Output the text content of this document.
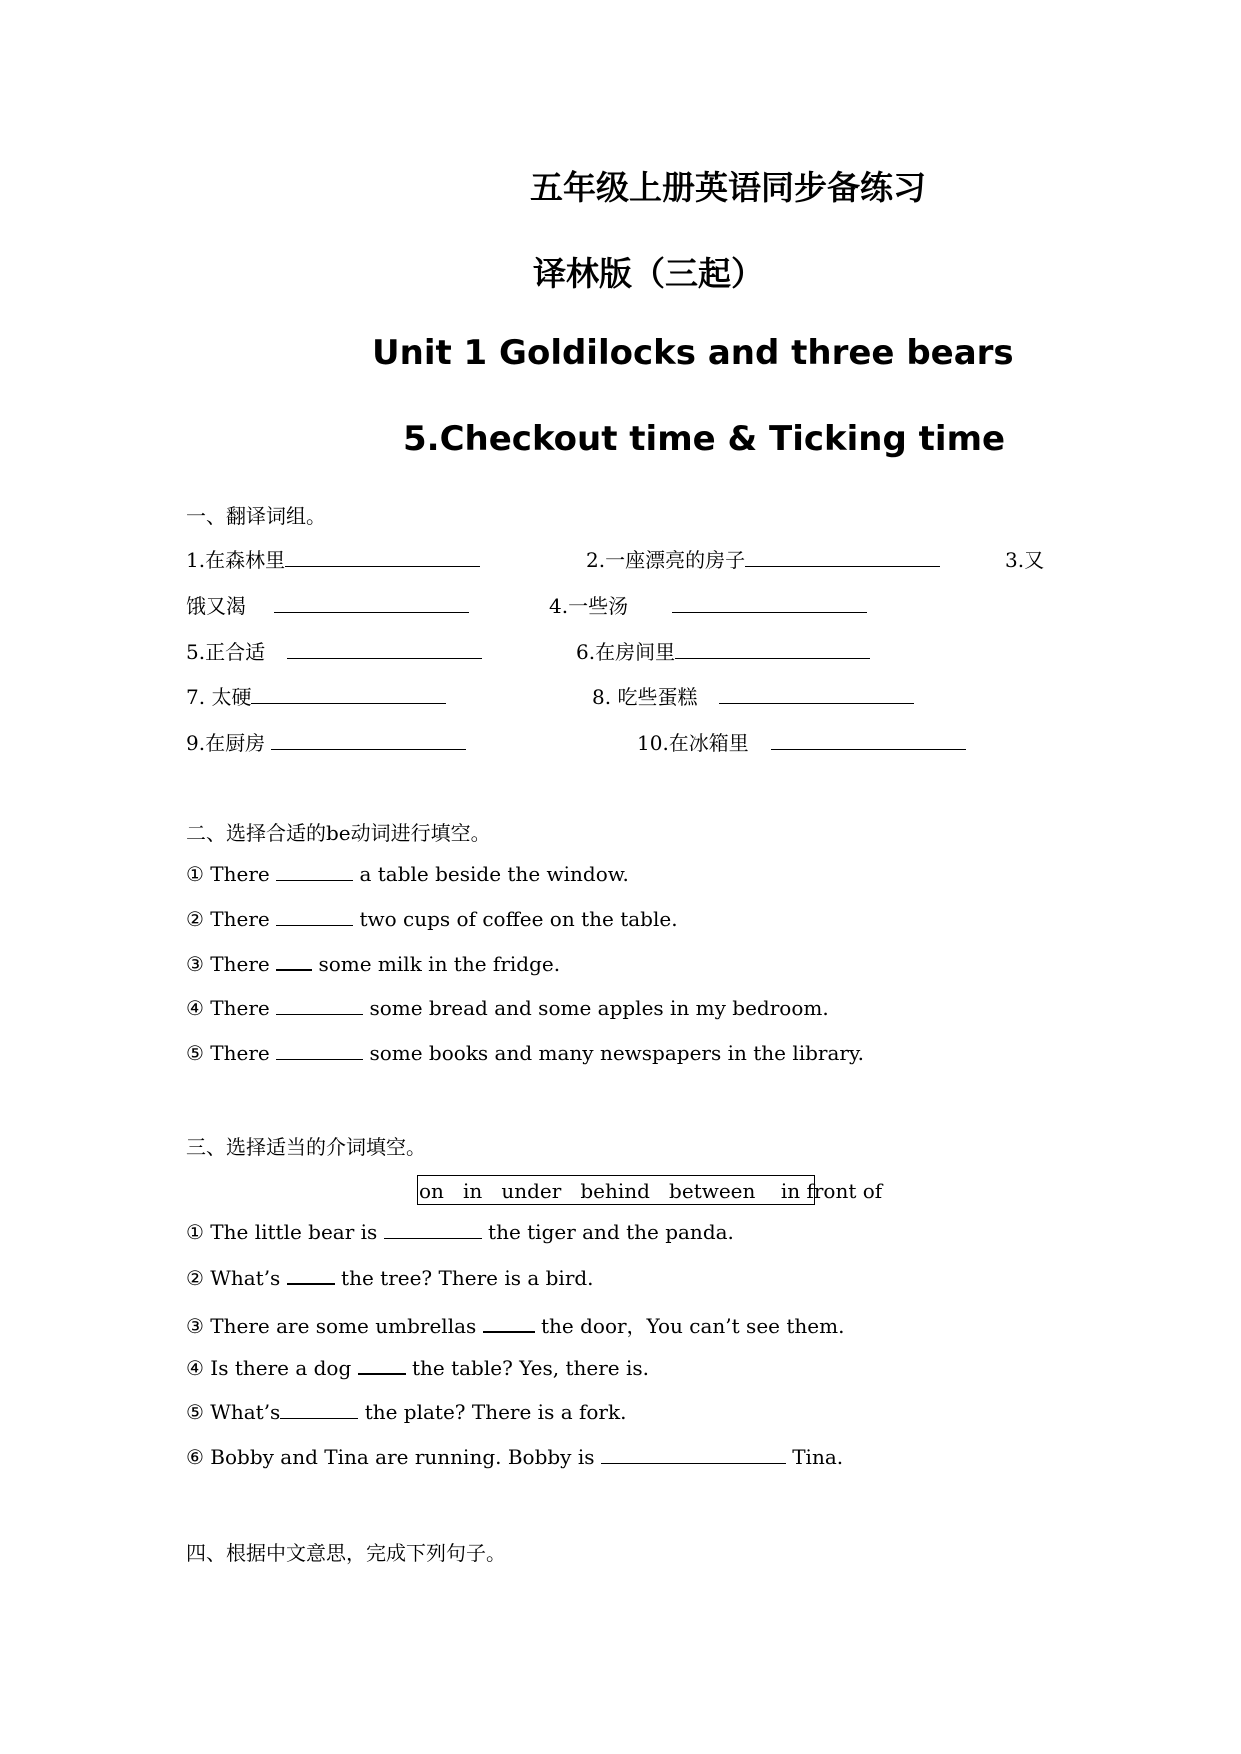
五年级上册英语同步备练习
译林版（三起）
Unit 1 Goldilocks and three bears
5.Checkout time & Ticking time
一、翻译词组。
1.在森林里	2.一座漂亮的房子	3.又
饿又渴	4.一些汤
5.正合适	6.在房间里
7. 太硬	8. 吃些蛋糕
9.在厨房	10.在冰箱里
二、选择合适的be动词进行填空。
① There	a table beside the window.
② There	two cups of coffee on the table.
③ There some milk in the fridge.
④ There	some bread and some apples in my bedroom.
⑤ There	some books and many newspapers in the library.
三、选择适当的介词填空。
on   in   under   behind   between    in front of
① The little bear is	the tiger and the panda.
② What’s	the tree? There is a bird.
③ There are some umbrellas	the door，You can’t see them.
④ Is there a dog	the table? Yes, there is.
⑤ What’s	the plate? There is a fork.
⑥ Bobby and Tina are running. Bobby is	Tina.
四、根据中文意思，完成下列句子。
